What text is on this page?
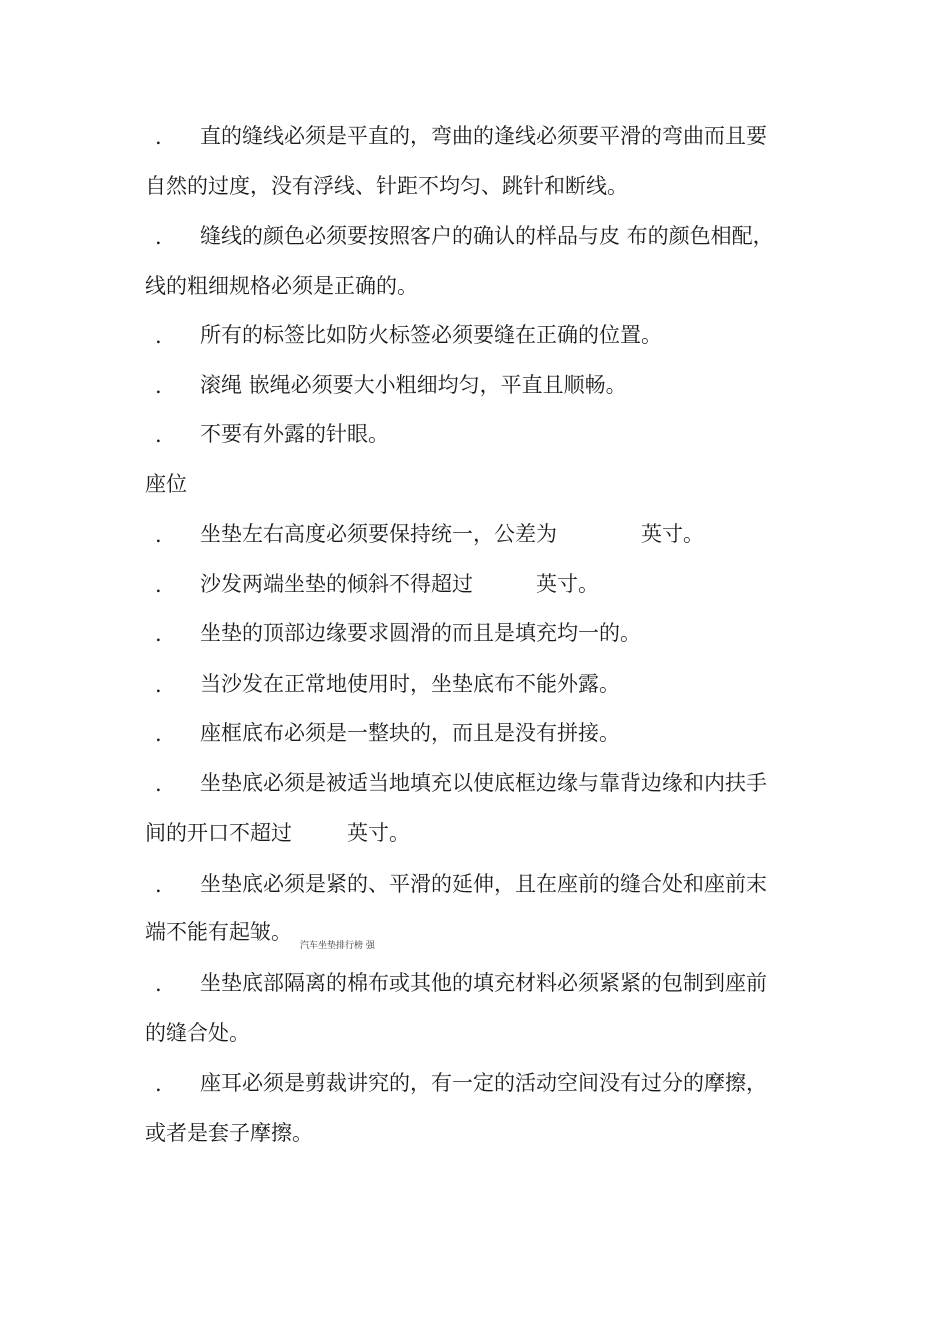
. 直的缝线必须是平直的，弯曲的逢线必须要平滑的弯曲而且要
自然的过度，没有浮线、针距不均匀、跳针和断线。
. 缝线的颜色必须要按照客户的确认的样品与皮 布的颜色相配，
线的粗细规格必须是正确的。
. 所有的标签比如防火标签必须要缝在正确的位置。
. 滚绳 嵌绳必须要大小粗细均匀，平直且顺畅。
. 不要有外露的针眼。
座位
. 坐垫左右高度必须要保持统一，公差为	英寸。
. 沙发两端坐垫的倾斜不得超过	英寸。
. 坐垫的顶部边缘要求圆滑的而且是填充均一的。
. 当沙发在正常地使用时，坐垫底布不能外露。
. 座框底布必须是一整块的，而且是没有拼接。
. 坐垫底必须是被适当地填充以使底框边缘与靠背边缘和内扶手
间的开口不超过	英寸。
. 坐垫底必须是紧的、平滑的延伸，且在座前的缝合处和座前末
端不能有起皱。
汽车坐垫排行榜 强
. 坐垫底部隔离的棉布或其他的填充材料必须紧紧的包制到座前
的缝合处。
. 座耳必须是剪裁讲究的，有一定的活动空间没有过分的摩擦，
或者是套子摩擦。
